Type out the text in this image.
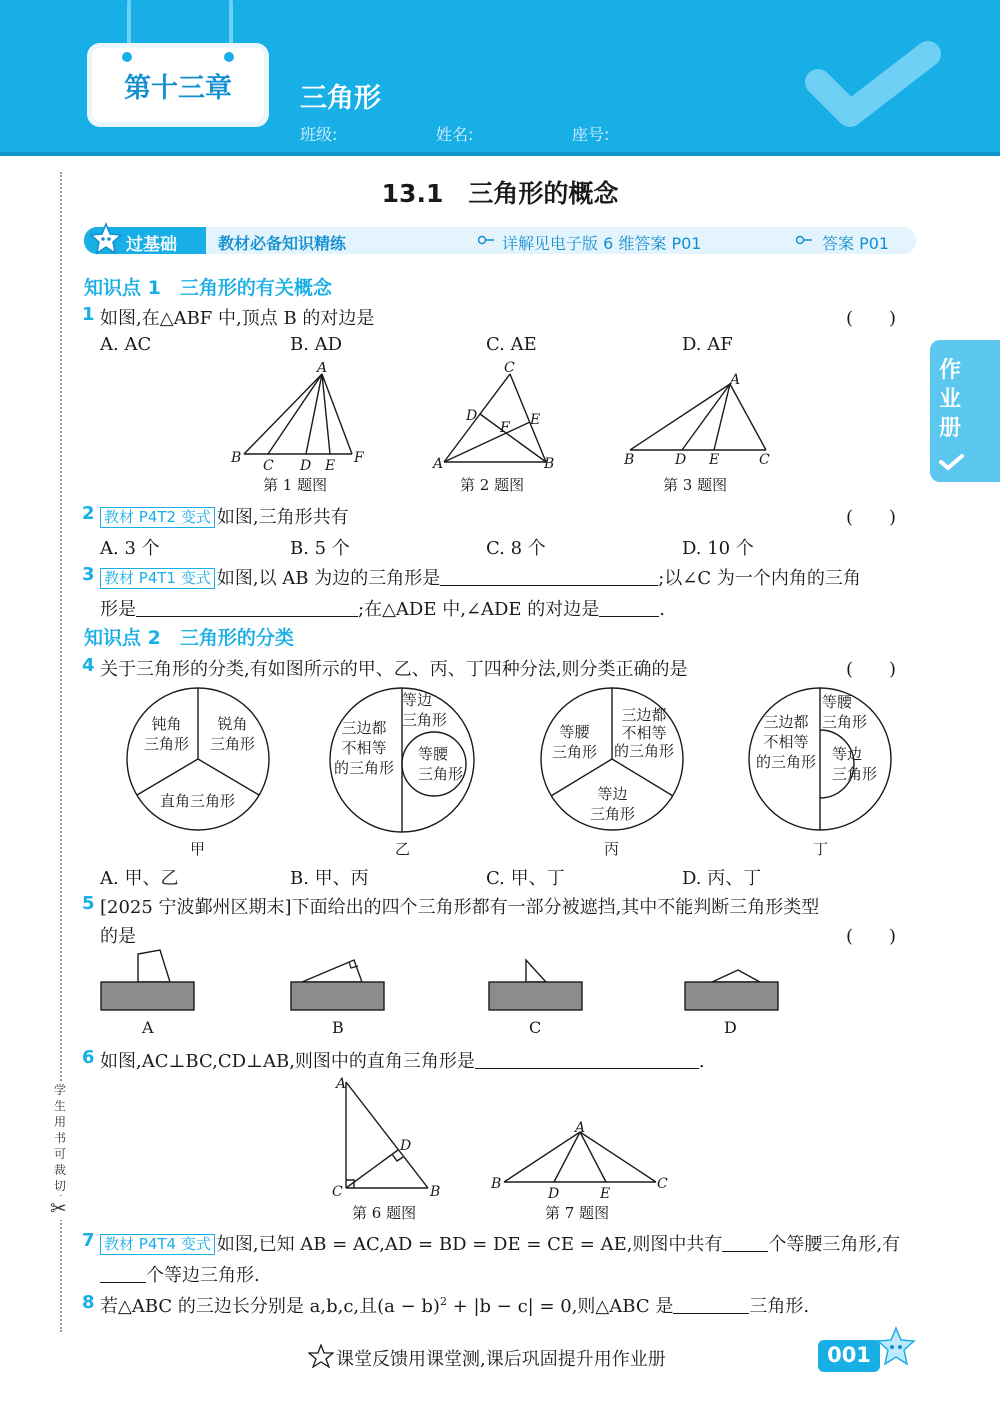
第十三章	三角形
班级:	姓名:	座号:
作业册
学生用书可裁切
✂
13.1　三角形的概念
过基础	教材必备知识精练	详解见电子版 6 维答案 P01	答案 P01
知识点 1　三角形的有关概念
1 如图,在△ABF 中,顶点 B 的对边是	(　　)
A. AC	B. AD	C. AE	D. AF
A
B C D E F
第 1 题图
A	B
C
D	E
F
第 2 题图
A
B	D E	C
第 3 题图
2 教材 P4T2 变式 如图,三角形共有	(　　)
A. 3 个	B. 5 个	C. 8 个	D. 10 个
3 教材 P4T1 变式 如图,以 AB 为边的三角形是	;以∠C 为一个内角的三角
形是	;在△ADE 中,∠ADE 的对边是	.
知识点 2　三角形的分类
4 关于三角形的分类,有如图所示的甲、乙、丙、丁四种分法,则分类正确的是	(　　)
钝角
三角形
锐角
三角形
直角三角形
甲
等边
三角形
三边都
不相等
的三角形
等腰
三角形
乙
等腰
三角形
三边都
不相等
的三角形
等边
三角形
丙
等腰
三角形
三边都
不相等
的三角形 等边
三角形
丁
A. 甲、乙	B. 甲、丙	C. 甲、丁	D. 丙、丁
5 [2025 宁波鄞州区期末]下面给出的四个三角形都有一部分被遮挡,其中不能判断三角形类型
的是	(　　)
A	B	C	D
6 如图,AC⊥BC,CD⊥AB,则图中的直角三角形是	.
A
B
C
D
第 6 题图
A
B	C
D	E
第 7 题图
7 教材 P4T4 变式 如图,已知 AB = AC,AD = BD = DE = CE = AE,则图中共有	个等腰三角形,有
个等边三角形.
8 若△ABC 的三边长分别是 a,b,c,且$(a - b)^2 + |b - c| = 0$,则△ABC 是	三角形.
课堂反馈用课堂测,课后巩固提升用作业册	001
